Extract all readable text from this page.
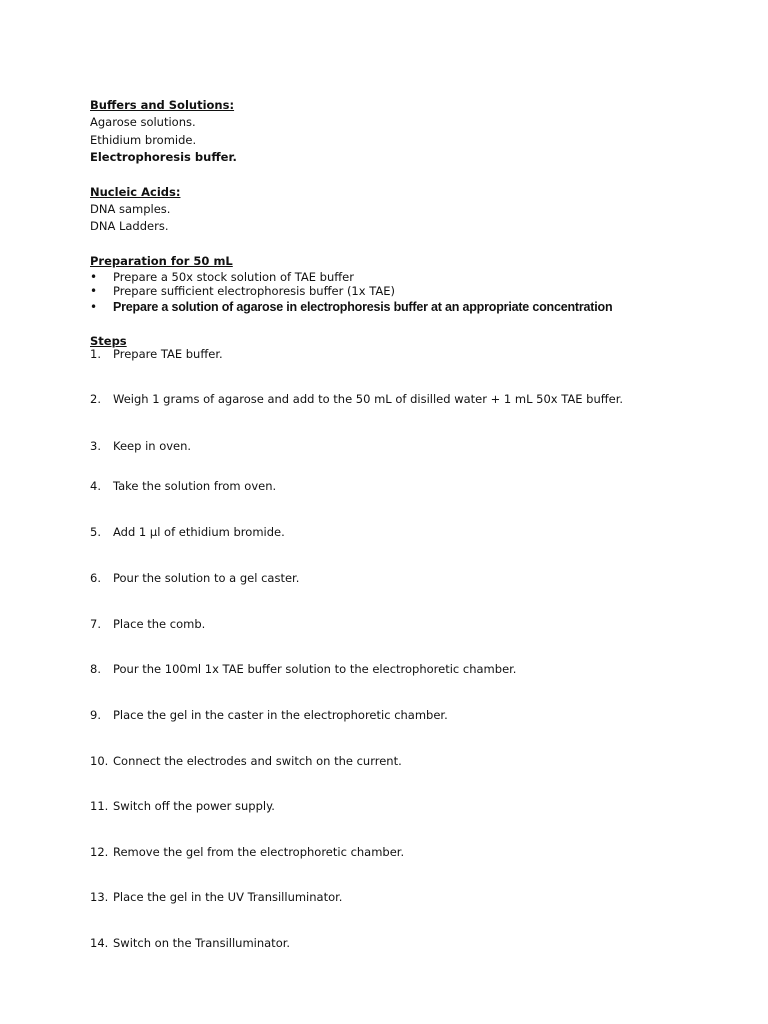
Buffers and Solutions:
Agarose solutions.
Ethidium bromide.
Electrophoresis buffer.
Nucleic Acids:
DNA samples.
DNA Ladders.
Preparation for 50 mL
• Prepare a 50x stock solution of TAE buffer
• Prepare sufficient electrophoresis buffer (1x TAE)
• Prepare a solution of agarose in electrophoresis buffer at an appropriate concentration
Steps
1. Prepare TAE buffer.
2. Weigh 1 grams of agarose and add to the 50 mL of disilled water + 1 mL 50x TAE buffer.
3. Keep in oven.
4. Take the solution from oven.
5. Add 1 µl of ethidium bromide.
6. Pour the solution to a gel caster.
7. Place the comb.
8. Pour the 100ml 1x TAE buffer solution to the electrophoretic chamber.
9. Place the gel in the caster in the electrophoretic chamber.
10. Connect the electrodes and switch on the current.
11. Switch off the power supply.
12. Remove the gel from the electrophoretic chamber.
13. Place the gel in the UV Transilluminator.
14. Switch on the Transilluminator.
